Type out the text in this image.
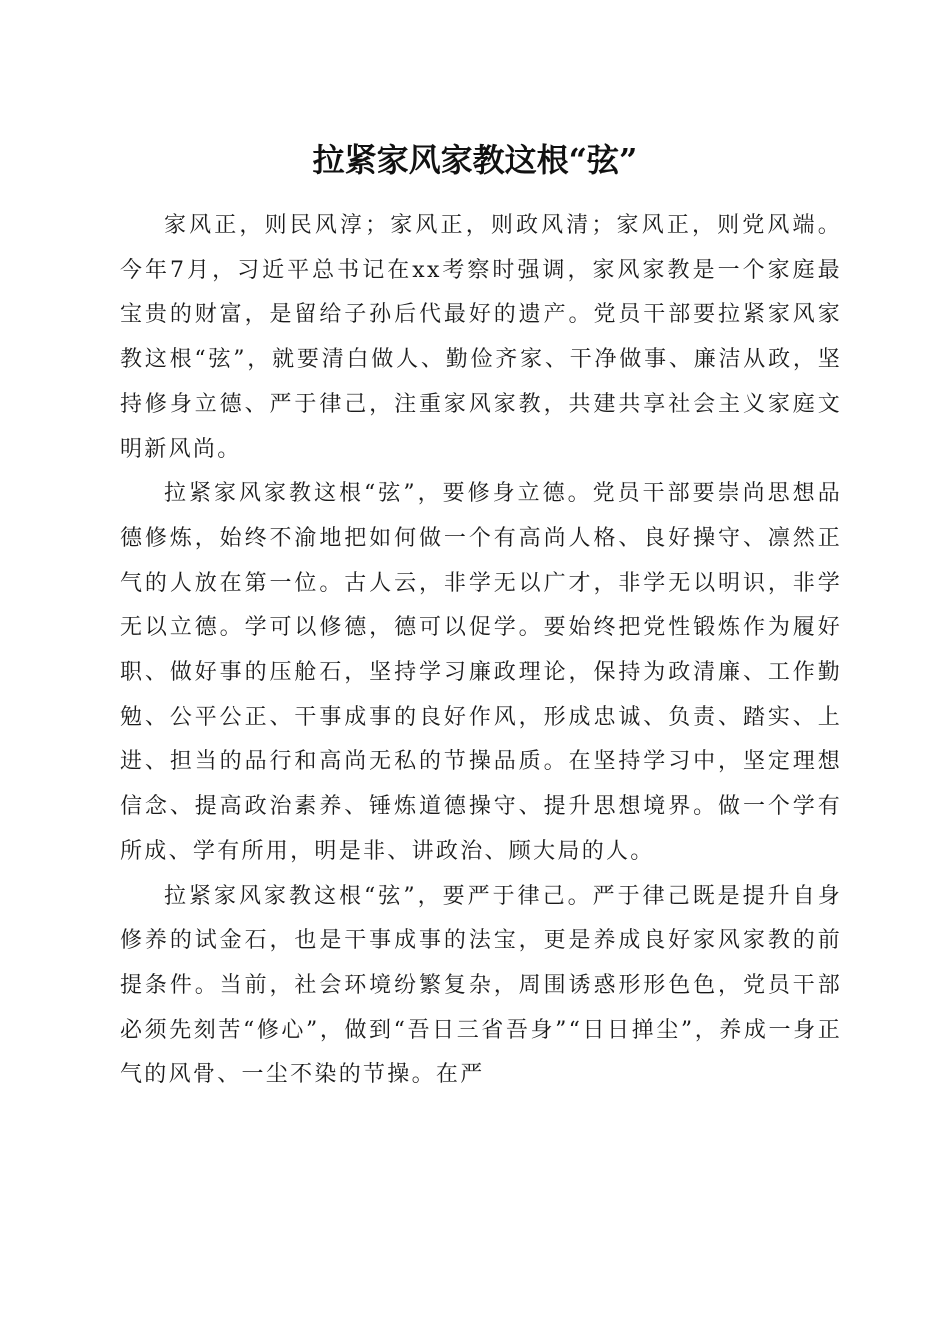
拉紧家风家教这根“弦”

家风正，则民风淳；家风正，则政风清；家风正，则党风端。今年7月，习近平总书记在xx考察时强调，家风家教是一个家庭最宝贵的财富，是留给子孙后代最好的遗产。党员干部要拉紧家风家教这根“弦”，就要清白做人、勤俭齐家、干净做事、廉洁从政，坚持修身立德、严于律己，注重家风家教，共建共享社会主义家庭文明新风尚。

拉紧家风家教这根“弦”，要修身立德。党员干部要崇尚思想品德修炼，始终不渝地把如何做一个有高尚人格、良好操守、凛然正气的人放在第一位。古人云，非学无以广才，非学无以明识，非学无以立德。学可以修德，德可以促学。要始终把党性锻炼作为履好职、做好事的压舱石，坚持学习廉政理论，保持为政清廉、工作勤勉、公平公正、干事成事的良好作风，形成忠诚、负责、踏实、上进、担当的品行和高尚无私的节操品质。在坚持学习中，坚定理想信念、提高政治素养、锤炼道德操守、提升思想境界。做一个学有所成、学有所用，明是非、讲政治、顾大局的人。

拉紧家风家教这根“弦”，要严于律己。严于律己既是提升自身修养的试金石，也是干事成事的法宝，更是养成良好家风家教的前提条件。当前，社会环境纷繁复杂，周围诱惑形形色色，党员干部必须先刻苦“修心”，做到“吾日三省吾身”“日日掸尘”，养成一身正气的风骨、一尘不染的节操。在严
